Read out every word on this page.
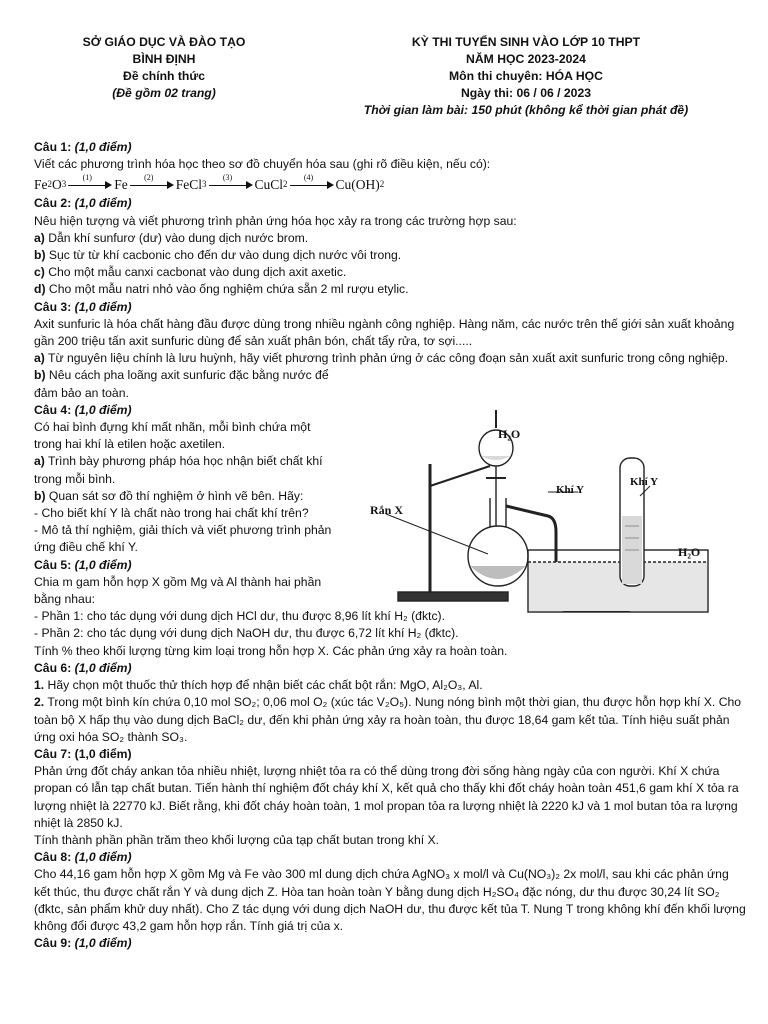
SỞ GIÁO DỤC VÀ ĐÀO TẠO
BÌNH ĐỊNH
Đề chính thức
(Đề gồm 02 trang)
KỲ THI TUYỂN SINH VÀO LỚP 10 THPT
NĂM HỌC 2023-2024
Môn thi chuyên: HÓA HỌC
Ngày thi: 06 / 06 / 2023
Thời gian làm bài: 150 phút (không kể thời gian phát đề)
Câu 1: (1,0 điểm)

Viết các phương trình hóa học theo sơ đồ chuyển hóa sau (ghi rõ điều kiện, nếu có):

Fe 2 O 3
(1)	Fe	(2)	FeCl 3
(3)	CuCl 2
(4)	Cu(OH) 2
Câu 2: (1,0 điểm)

Nêu hiện tượng và viết phương trình phản ứng hóa học xảy ra trong các trường hợp sau:

a) Dẫn khí sunfurơ (dư) vào dung dịch nước brom.

b) Sục từ từ khí cacbonic cho đến dư vào dung dịch nước vôi trong.

c) Cho một mẫu canxi cacbonat vào dung dịch axit axetic.

d) Cho một mẫu natri nhỏ vào ống nghiệm chứa sẵn 2 ml rượu etylic.

Câu 3: (1,0 điểm)

Axit sunfuric là hóa chất hàng đầu được dùng trong nhiều ngành công nghiệp. Hàng năm, các nước trên thế giới sản xuất khoảng gần 200 triệu tấn axit sunfuric dùng để sản xuất phân bón, chất tẩy rửa, tơ sợi.....

a) Từ nguyên liệu chính là lưu huỳnh, hãy viết phương trình phản ứng ở các công đoạn sản xuất axit sunfuric trong công nghiệp.

b) Nêu cách pha loãng axit sunfuric đặc bằng nước để đảm bảo an toàn.

Câu 4: (1,0 điểm)

Có hai bình đựng khí mất nhãn, mỗi bình chứa một trong hai khí là etilen hoặc axetilen.

a) Trình bày phương pháp hóa học nhận biết chất khí trong mỗi bình.

b) Quan sát sơ đồ thí nghiệm ở hình vẽ bên. Hãy:

- Cho biết khí Y là chất nào trong hai chất khí trên?

- Mô tả thí nghiệm, giải thích và viết phương trình phản ứng điều chế khí Y.

Câu 5: (1,0 điểm)

Chia m gam hỗn hợp X gồm Mg và Al thành hai phần bằng nhau:

- Phần 1: cho tác dụng với dung dịch HCl dư, thu được 8,96 lít khí H₂ (đktc).

- Phần 2: cho tác dụng với dung dịch NaOH dư, thu được 6,72 lít khí H₂ (đktc).

Tính % theo khối lượng từng kim loại trong hỗn hợp X. Các phản ứng xảy ra hoàn toàn.

Câu 6: (1,0 điểm)

1. Hãy chọn một thuốc thử thích hợp để nhận biết các chất bột rắn: MgO, Al₂O₃, Al.

2. Trong một bình kín chứa 0,10 mol SO₂; 0,06 mol O₂ (xúc tác V₂O₅). Nung nóng bình một thời gian, thu được hỗn hợp khí X. Cho toàn bộ X hấp thụ vào dung dịch BaCl₂ dư, đến khi phản ứng xảy ra hoàn toàn, thu được 18,64 gam kết tủa. Tính hiệu suất phản ứng oxi hóa SO₂ thành SO₃.

Câu 7: (1,0 điểm)

Phản ứng đốt cháy ankan tỏa nhiều nhiệt, lượng nhiệt tỏa ra có thể dùng trong đời sống hàng ngày của con người. Khí X chứa propan có lẫn tạp chất butan. Tiến hành thí nghiệm đốt cháy khí X, kết quả cho thấy khi đốt cháy hoàn toàn 451,6 gam khí X tỏa ra lượng nhiệt là 22770 kJ. Biết rằng, khi đốt cháy hoàn toàn, 1 mol propan tỏa ra lượng nhiệt là 2220 kJ và 1 mol butan tỏa ra lượng nhiệt là 2850 kJ.

Tính thành phần phần trăm theo khối lượng của tạp chất butan trong khí X.

Câu 8: (1,0 điểm)

Cho 44,16 gam hỗn hợp X gồm Mg và Fe vào 300 ml dung dịch chứa AgNO₃ x mol/l và Cu(NO₃)₂ 2x mol/l, sau khi các phản ứng kết thúc, thu được chất rắn Y và dung dịch Z. Hòa tan hoàn toàn Y bằng dung dịch H₂SO₄ đặc nóng, dư thu được 30,24 lít SO₂ (đktc, sản phẩm khử duy nhất). Cho Z tác dụng với dung dịch NaOH dư, thu được kết tủa T. Nung T trong không khí đến khối lượng không đổi được 43,2 gam hỗn hợp rắn. Tính giá trị của x.

Câu 9: (1,0 điểm)
H₂O
Rắn X
Khí Y
Khí Y
H₂O
